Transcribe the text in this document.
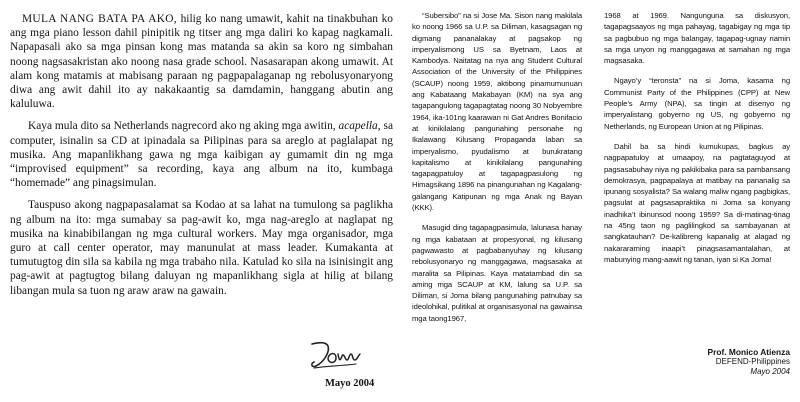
MULA NANG BATA PA AKO, hilig ko nang umawit, kahit na tinakbuhan ko ang mga piano lesson dahil pinipitik ng titser ang mga daliri ko kapag nagkamali. Napapasali ako sa mga pinsan kong mas matanda sa akin sa koro ng simbahan noong nagsasakristan ako noong nasa grade school. Nasasarapan akong umawit. At alam kong matamis at mabisang paraan ng pagpapalaganap ng rebolusyonaryong diwa ang awit dahil ito ay nakakaantig sa damdamin, hanggang abutin ang kaluluwa.

Kaya mula dito sa Netherlands nagrecord ako ng aking mga awitin, acapella, sa computer, isinalin sa CD at ipinadala sa Pilipinas para sa areglo at paglalapat ng musika. Ang mapanlikhang gawa ng mga kaibigan ay gumamit din ng mga “improvised equipment” sa recording, kaya ang album na ito, kumbaga “homemade” ang pinagsimulan.

Tauspuso akong nagpapasalamat sa Kodao at sa lahat na tumulong sa paglikha ng album na ito: mga sumabay sa pag-awit ko, mga nag-areglo at naglapat ng musika na kinabibilangan ng mga cultural workers. May mga organisador, mga guro at call center operator, may manunulat at mass leader. Kumakanta at tumutugtog din sila sa kabila ng mga trabaho nila. Katulad ko sila na isinisingit ang pag-awit at pagtugtog bilang daluyan ng mapanlikhang sigla at hilig at bilang libangan mula sa tuon ng araw araw na gawain.

Mayo 2004

“Subersibo” na si Jose Ma. Sison nang makilala ko noong 1966 sa U.P. sa Diliman, kasagsagan ng digmang pananalakay at pagsakop ng imperyalismong US sa Byetnam, Laos at Kambodya. Naitatag na nya ang Student Cultural Association of the University of the Philippines (SCAUP) noong 1959, aktibong pinamumunuan ang Kabataang Makabayan (KM) na sya ang tagapangulong tagapagtatag noong 30 Nobyembre 1964, ika-101ng kaarawan ni Gat Andres Bonifacio at kinikilalang pangunahing personahe ng Ikalawang Kilusang Propaganda laban sa imperyalismo, pyudalismo at burukratang kapitalismo at kinikilalang pangunahing tagapagpatuloy at tagapagpasulong ng Himagsikang 1896 na pinangunahan ng Kagalang-galangang Katipunan ng mga Anak ng Bayan (KKK).

Masugid ding tagapagpasimula, lalunasa hanay ng mga kabataan at propesyonal, ng kilusang pagwawasto at pagbabanyuhay ng kilusang rebolusyonaryo ng manggagawa, magsasaka at maralita sa Pilipinas. Kaya matatambad din sa aming mga SCAUP at KM, lalung sa U.P. sa Diliman, si Joma bilang pangunahing patnubay sa ideolohikal, pulitikal at organisasyonal na gawainsa mga taong1967,

1968 at 1969. Nangunguna sa diskusyon, tagapagsaayos ng mga pahayag, tagabigay ng mga tip sa pagbubuo ng mga balangay, tagapag-ugnay namin sa mga unyon ng manggagawa at samahan ng mga magsasaka.

Ngayo’y “teronsta” na si Joma, kasama ng Communist Party of the Philippines (CPP) at New People’s Army (NPA), sa tingin at disenyo ng imperyalistang gobyerno ng US, ng gobyerno ng Netherlands, ng European Union at ng Pilipinas.

Dahil ba sa hindi kumukupas, bagkus ay nagpapatuloy at umaapoy, na pagtataguyod at pagsasabuhay niya ng pakikibaka para sa pambansang demokrasya, pagpapalaya at matibay na pananalig sa ipunang sosyalista? Sa walang maliw ngang pagbigkas, pagsulat at pagsasapraktika ni Joma sa konyang inadhika’t ibinunsod noong 1959? Sa di-matinag-tinag na 45ng taon ng paglilingkod sa sambayanan at sangkatauhan? De-kalibreng kapanalig at alagad ng nakararaming inaapi’t pinagsasamantalahan, at mabunying mang-aawit ng tanan, iyan si Ka Joma!

Prof. Monico Atienza
DEFEND-Philippines
Mayo 2004
